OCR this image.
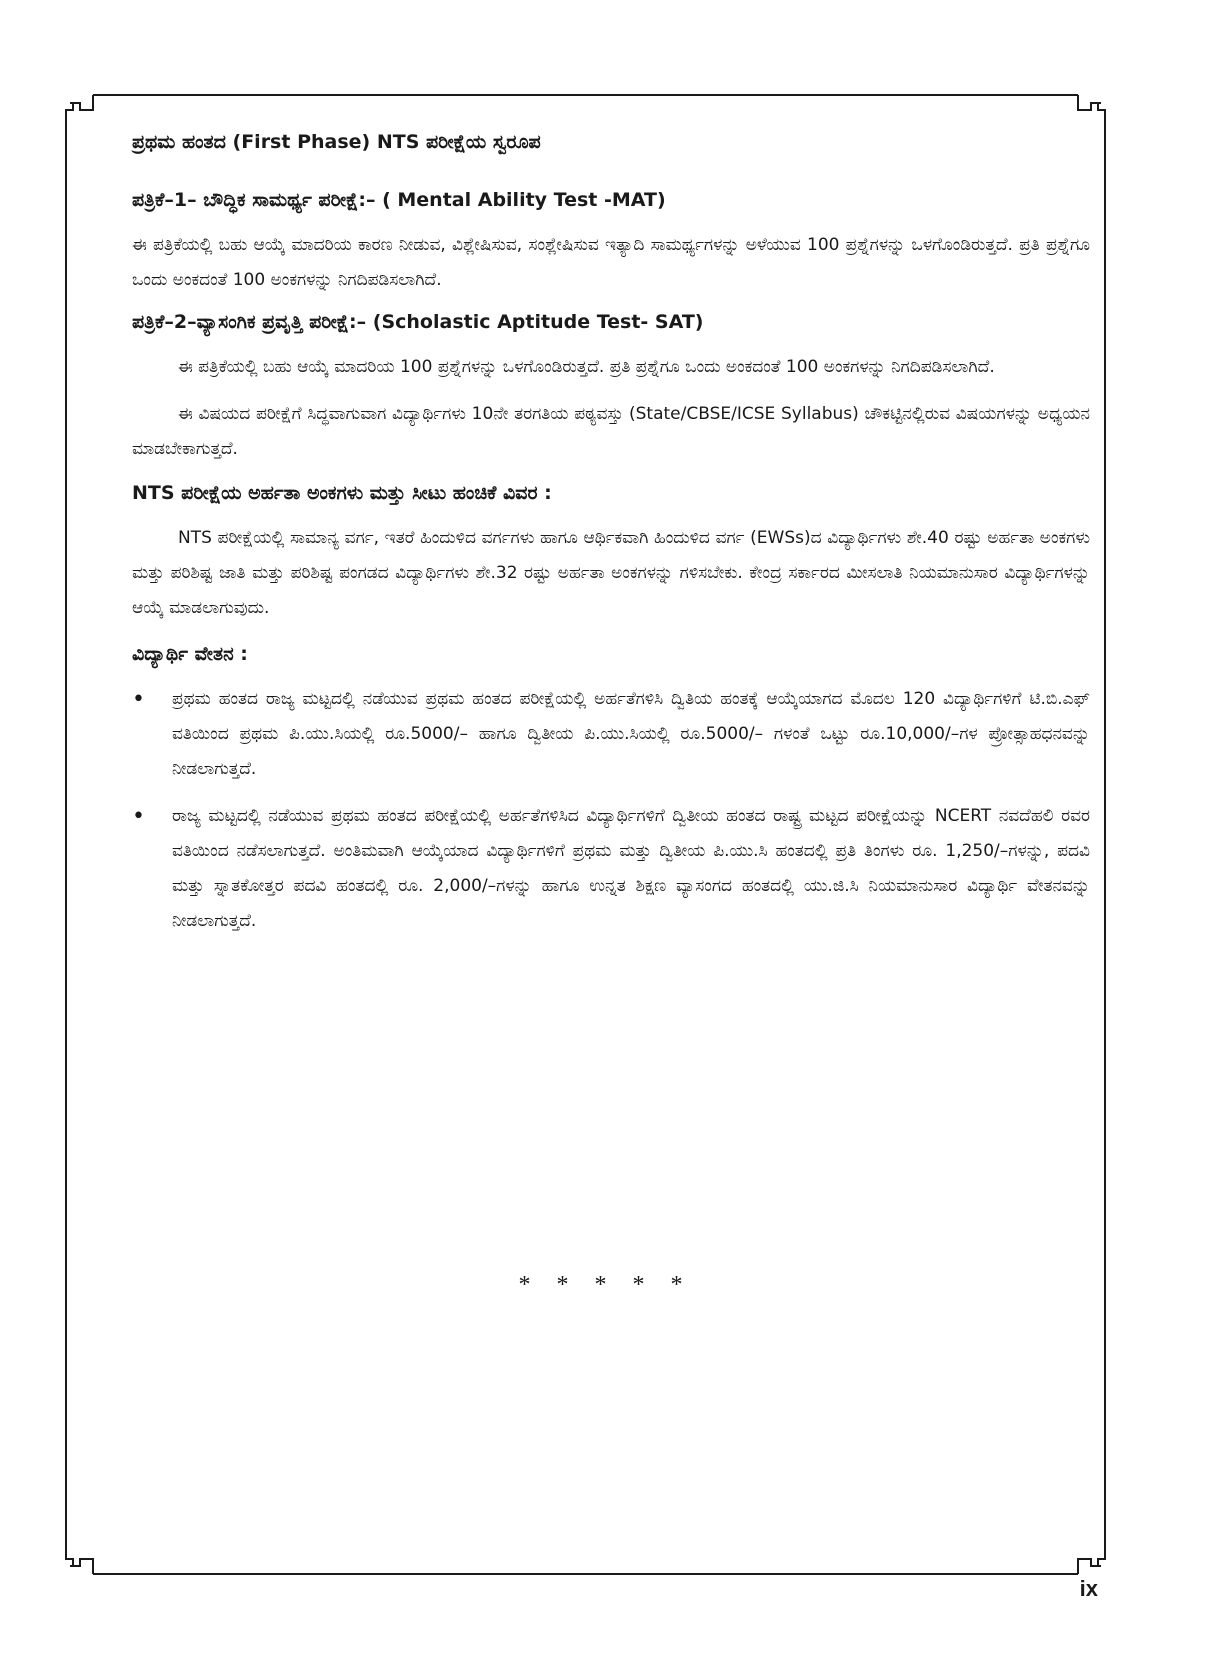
ಪ್ರಥಮ ಹಂತದ (First Phase) NTS ಪರೀಕ್ಷೆಯ ಸ್ವರೂಪ
ಪತ್ರಿಕೆ–1– ಬೌದ್ಧಿಕ ಸಾಮರ್ಥ್ಯ ಪರೀಕ್ಷೆ:– ( Mental Ability Test -MAT)

ಈ ಪತ್ರಿಕೆಯಲ್ಲಿ ಬಹು ಆಯ್ಕೆ ಮಾದರಿಯ ಕಾರಣ ನೀಡುವ, ವಿಶ್ಲೇಷಿಸುವ, ಸಂಶ್ಲೇಷಿಸುವ ಇತ್ಯಾದಿ ಸಾಮರ್ಥ್ಯಗಳನ್ನು ಅಳೆಯುವ 100 ಪ್ರಶ್ನೆಗಳನ್ನು ಒಳಗೊಂಡಿರುತ್ತದೆ. ಪ್ರತಿ ಪ್ರಶ್ನೆಗೂ ಒಂದು ಅಂಕದಂತೆ 100 ಅಂಕಗಳನ್ನು ನಿಗದಿಪಡಿಸಲಾಗಿದೆ.

ಪತ್ರಿಕೆ–2–ವ್ಯಾಸಂಗಿಕ ಪ್ರವೃತ್ತಿ ಪರೀಕ್ಷೆ:– (Scholastic Aptitude Test- SAT)

ಈ ಪತ್ರಿಕೆಯಲ್ಲಿ ಬಹು ಆಯ್ಕೆ ಮಾದರಿಯ 100 ಪ್ರಶ್ನೆಗಳನ್ನು ಒಳಗೊಂಡಿರುತ್ತದೆ. ಪ್ರತಿ ಪ್ರಶ್ನೆಗೂ ಒಂದು ಅಂಕದಂತೆ 100 ಅಂಕಗಳನ್ನು ನಿಗದಿಪಡಿಸಲಾಗಿದೆ.

ಈ ವಿಷಯದ ಪರೀಕ್ಷೆಗೆ ಸಿದ್ಧವಾಗುವಾಗ ವಿದ್ಯಾರ್ಥಿಗಳು 10ನೇ ತರಗತಿಯ ಪಠ್ಯವಸ್ತು (State/CBSE/ICSE Syllabus) ಚೌಕಟ್ಟಿನಲ್ಲಿರುವ ವಿಷಯಗಳನ್ನು ಅಧ್ಯಯನ ಮಾಡಬೇಕಾಗುತ್ತದೆ.

NTS ಪರೀಕ್ಷೆಯ ಅರ್ಹತಾ ಅಂಕಗಳು ಮತ್ತು ಸೀಟು ಹಂಚಿಕೆ ವಿವರ :

NTS ಪರೀಕ್ಷೆಯಲ್ಲಿ ಸಾಮಾನ್ಯ ವರ್ಗ, ಇತರೆ ಹಿಂದುಳಿದ ವರ್ಗಗಳು ಹಾಗೂ ಆರ್ಥಿಕವಾಗಿ ಹಿಂದುಳಿದ ವರ್ಗ (EWSs)ದ ವಿದ್ಯಾರ್ಥಿಗಳು ಶೇ.40 ರಷ್ಟು ಅರ್ಹತಾ ಅಂಕಗಳು ಮತ್ತು ಪರಿಶಿಷ್ಟ ಜಾತಿ ಮತ್ತು ಪರಿಶಿಷ್ಟ ಪಂಗಡದ ವಿದ್ಯಾರ್ಥಿಗಳು ಶೇ.32 ರಷ್ಟು ಅರ್ಹತಾ ಅಂಕಗಳನ್ನು ಗಳಿಸಬೇಕು. ಕೇಂದ್ರ ಸರ್ಕಾರದ ಮೀಸಲಾತಿ ನಿಯಮಾನುಸಾರ ವಿದ್ಯಾರ್ಥಿಗಳನ್ನು ಆಯ್ಕೆ ಮಾಡಲಾಗುವುದು.

ವಿದ್ಯಾರ್ಥಿ ವೇತನ :
• ಪ್ರಥಮ ಹಂತದ ರಾಜ್ಯ ಮಟ್ಟದಲ್ಲಿ ನಡೆಯುವ ಪ್ರಥಮ ಹಂತದ ಪರೀಕ್ಷೆಯಲ್ಲಿ ಅರ್ಹತೆಗಳಿಸಿ ದ್ವಿತಿಯ ಹಂತಕ್ಕೆ ಆಯ್ಕೆಯಾಗದ ಮೊದಲ 120 ವಿದ್ಯಾರ್ಥಿಗಳಿಗೆ ಟಿ.ಬಿ.ಎಫ್ ವತಿಯಿಂದ ಪ್ರಥಮ ಪಿ.ಯು.ಸಿಯಲ್ಲಿ ರೂ.5000/– ಹಾಗೂ ದ್ವಿತೀಯ ಪಿ.ಯು.ಸಿಯಲ್ಲಿ ರೂ.5000/– ಗಳಂತೆ ಒಟ್ಟು ರೂ.10,000/–ಗಳ ಪ್ರೋತ್ಸಾಹಧನವನ್ನು ನೀಡಲಾಗುತ್ತದೆ.
• ರಾಜ್ಯ ಮಟ್ಟದಲ್ಲಿ ನಡೆಯುವ ಪ್ರಥಮ ಹಂತದ ಪರೀಕ್ಷೆಯಲ್ಲಿ ಅರ್ಹತೆಗಳಿಸಿದ ವಿದ್ಯಾರ್ಥಿಗಳಿಗೆ ದ್ವಿತೀಯ ಹಂತದ ರಾಷ್ಟ್ರ ಮಟ್ಟದ ಪರೀಕ್ಷೆಯನ್ನು NCERT ನವದೆಹಲಿ ರವರ ವತಿಯಿಂದ ನಡೆಸಲಾಗುತ್ತದೆ. ಅಂತಿಮವಾಗಿ ಆಯ್ಕೆಯಾದ ವಿದ್ಯಾರ್ಥಿಗಳಿಗೆ ಪ್ರಥಮ ಮತ್ತು ದ್ವಿತೀಯ ಪಿ.ಯು.ಸಿ ಹಂತದಲ್ಲಿ ಪ್ರತಿ ತಿಂಗಳು ರೂ. 1,250/–ಗಳನ್ನು, ಪದವಿ ಮತ್ತು ಸ್ನಾತಕೋತ್ತರ ಪದವಿ ಹಂತದಲ್ಲಿ ರೂ. 2,000/–ಗಳನ್ನು ಹಾಗೂ ಉನ್ನತ ಶಿಕ್ಷಣ ವ್ಯಾಸಂಗದ ಹಂತದಲ್ಲಿ ಯು.ಜಿ.ಸಿ ನಿಯಮಾನುಸಾರ ವಿದ್ಯಾರ್ಥಿ ವೇತನವನ್ನು ನೀಡಲಾಗುತ್ತದೆ.
* * * * *
ix
